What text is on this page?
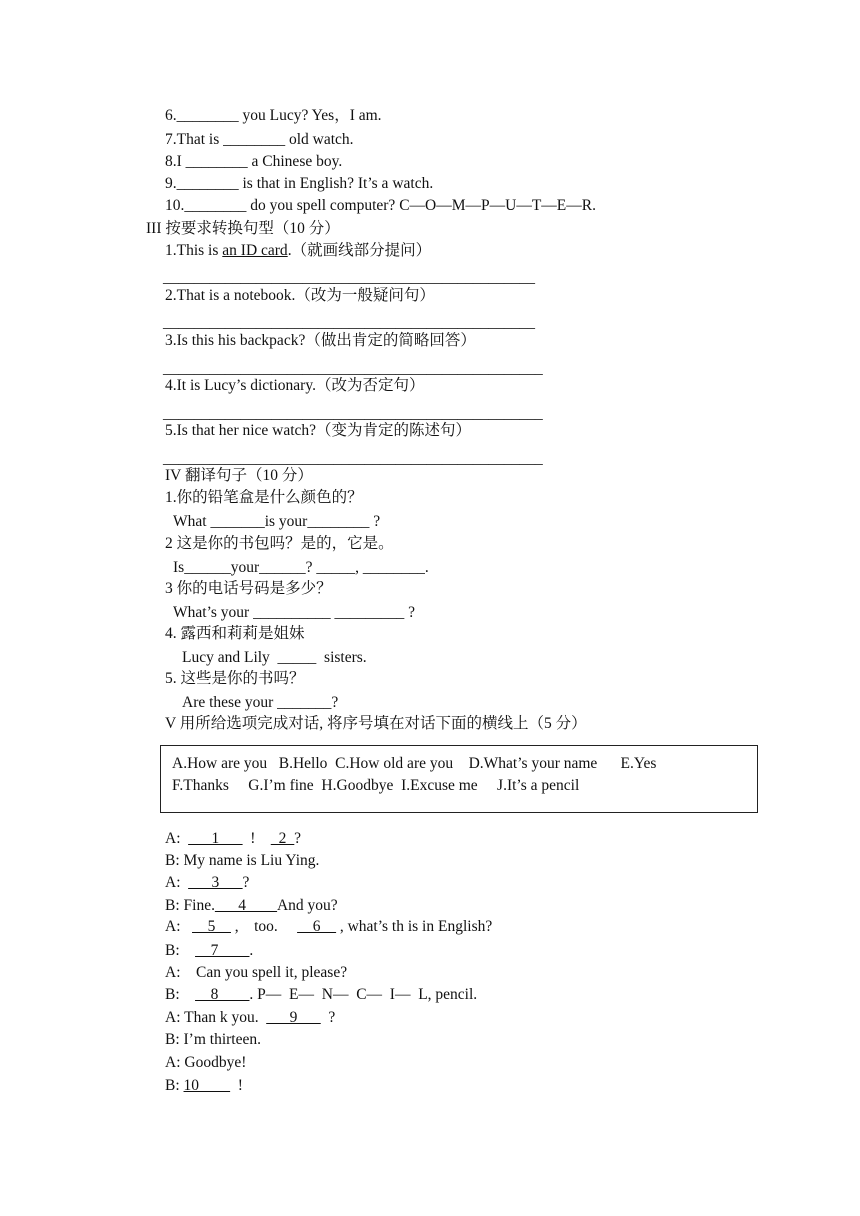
6.________ you Lucy? Yes，I am.
7.That is ________ old watch.
8.I ________ a Chinese boy.
9.________ is that in English? It’s a watch.
10.________ do you spell computer? C—O—M—P—U—T—E—R.
III 按要求转换句型（10 分）
1.This is an ID card.（就画线部分提问）
________________________________________________
2.That is a notebook.（改为一般疑问句）
________________________________________________
3.Is this his backpack?（做出肯定的简略回答）
_________________________________________________
4.It is Lucy’s dictionary.（改为否定句）
_________________________________________________
5.Is that her nice watch?（变为肯定的陈述句）
_________________________________________________
IV 翻译句子（10 分）
1.你的铅笔盒是什么颜色的？
What _______is your________ ?
2 这是你的书包吗？是的，它是。
Is______your______? _____, ________.
3 你的电话号码是多少？
What’s your __________ _________ ?
4. 露西和莉莉是姐妹
Lucy and Lily  _____  sisters.
5. 这些是你的书吗？
Are these your _______?
V 用所给选项完成对话, 将序号填在对话下面的横线上（5 分）
A.How are you   B.Hello  C.How old are you    D.What’s your name      E.Yes
F.Thanks     G.I’m fine  H.Goodbye  I.Excuse me     J.It’s a pencil
A:  ___1___  !    _2_?
B: My name is Liu Ying.
A:  ___3___?
B: Fine.___4____And you?
A:   __5__ ,    too.     __6__ , what’s th is in English?
B:    __7____.
A:    Can you spell it, please?
B:    __8____. P—  E—  N—  C—  I—  L, pencil.
A: Than k you.  ___9___  ?
B: I’m thirteen.
A: Goodbye!
B: 10____  !
